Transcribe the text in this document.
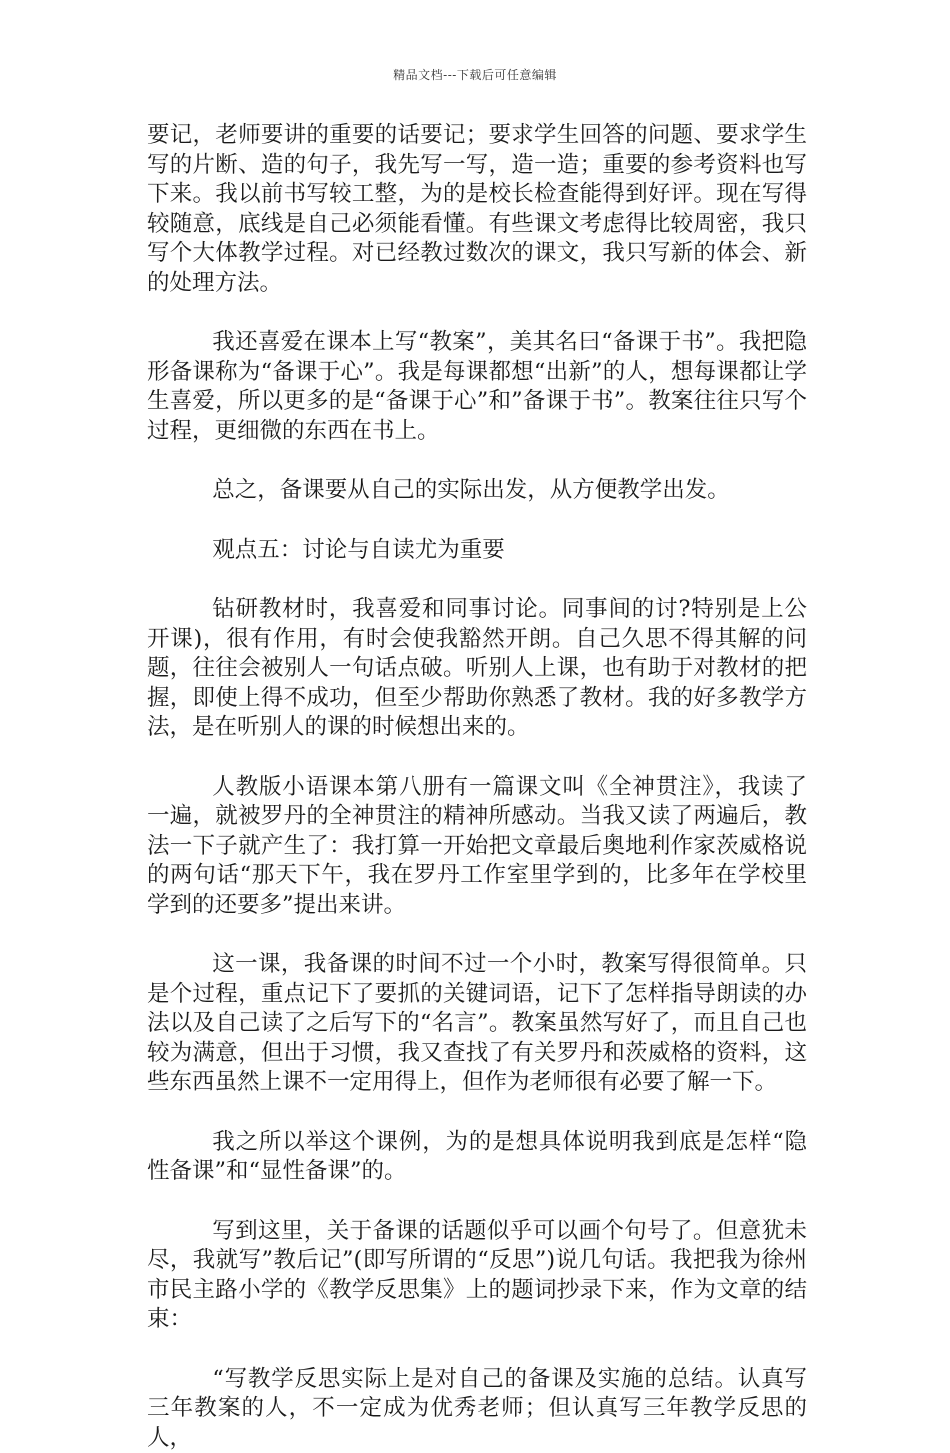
精品文档---下载后可任意编辑

要记，老师要讲的重要的话要记；要求学生回答的问题、要求学生写的片断、造的句子，我先写一写，造一造；重要的参考资料也写下来。我以前书写较工整，为的是校长检查能得到好评。现在写得较随意，底线是自己必须能看懂。有些课文考虑得比较周密，我只写个大体教学过程。对已经教过数次的课文，我只写新的体会、新的处理方法。

我还喜爱在课本上写“教案”，美其名曰“备课于书”。我把隐形备课称为“备课于心”。我是每课都想“出新”的人，想每课都让学生喜爱，所以更多的是“备课于心”和”备课于书”。教案往往只写个过程，更细微的东西在书上。

总之，备课要从自己的实际出发，从方便教学出发。

观点五：讨论与自读尤为重要

钻研教材时，我喜爱和同事讨论。同事间的讨?特别是上公开课)，很有作用，有时会使我豁然开朗。自己久思不得其解的问题，往往会被别人一句话点破。听别人上课，也有助于对教材的把握，即使上得不成功，但至少帮助你熟悉了教材。我的好多教学方法，是在听别人的课的时候想出来的。

人教版小语课本第八册有一篇课文叫《全神贯注》，我读了一遍，就被罗丹的全神贯注的精神所感动。当我又读了两遍后，教法一下子就产生了：我打算一开始把文章最后奥地利作家茨威格说的两句话“那天下午，我在罗丹工作室里学到的，比多年在学校里学到的还要多”提出来讲。

这一课，我备课的时间不过一个小时，教案写得很简单。只是个过程，重点记下了要抓的关键词语，记下了怎样指导朗读的办法以及自己读了之后写下的“名言”。教案虽然写好了，而且自己也较为满意，但出于习惯，我又查找了有关罗丹和茨威格的资料，这些东西虽然上课不一定用得上，但作为老师很有必要了解一下。

我之所以举这个课例，为的是想具体说明我到底是怎样“隐性备课”和“显性备课”的。

写到这里，关于备课的话题似乎可以画个句号了。但意犹未尽，我就写”教后记”(即写所谓的“反思”)说几句话。我把我为徐州市民主路小学的《教学反思集》上的题词抄录下来，作为文章的结束：

“写教学反思实际上是对自己的备课及实施的总结。认真写三年教案的人，不一定成为优秀老师；但认真写三年教学反思的人，
